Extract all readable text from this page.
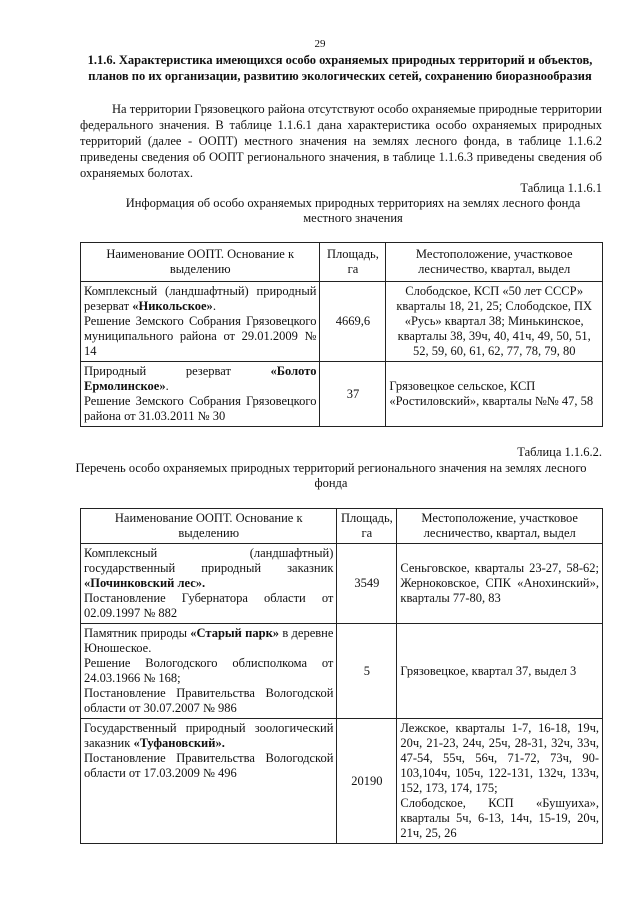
29
1.1.6. Характеристика имеющихся особо охраняемых природных территорий и объектов, планов по их организации, развитию экологических сетей, сохранению биоразнообразия
На территории Грязовецкого района отсутствуют особо охраняемые природные территории федерального значения. В таблице 1.1.6.1 дана характеристика особо охраняемых природных территорий (далее - ООПТ) местного значения на землях лесного фонда, в таблице 1.1.6.2 приведены сведения об ООПТ регионального значения, в таблице 1.1.6.3 приведены сведения об охраняемых болотах.
Таблица 1.1.6.1
Информация об особо охраняемых природных территориях на землях лесного фонда местного значения
Наименование ООПТ. Основание к выделению	Площадь, га	Местоположение, участковое лесничество, квартал, выдел
Комплексный (ландшафтный) природный резерват «Никольское».
Решение Земского Собрания Грязовецкого муниципального района от 29.01.2009 № 14	4669,6	Слободское, КСП «50 лет СССР» кварталы 18, 21, 25; Слободское, ПХ «Русь» квартал 38; Минькинское, кварталы 38, 39ч, 40, 41ч, 49, 50, 51, 52, 59, 60, 61, 62, 77, 78, 79, 80
Природный резерват «Болото Ермолинское».
Решение Земского Собрания Грязовецкого района от 31.03.2011 № 30	37	Грязовецкое сельское, КСП «Ростиловский», кварталы №№ 47, 58
Таблица 1.1.6.2.
Перечень особо охраняемых природных территорий регионального значения на землях лесного фонда
Наименование ООПТ. Основание к выделению	Площадь, га	Местоположение, участковое лесничество, квартал, выдел
Комплексный (ландшафтный) государственный природный заказник «Починковский лес».
Постановление Губернатора области от 02.09.1997 № 882	3549	Сеньговское, кварталы 23-27, 58-62; Жерноковское, СПК «Анохинский», кварталы 77-80, 83
Памятник природы «Старый парк» в деревне Юношеское.
Решение Вологодского облисполкома от 24.03.1966 № 168;
Постановление Правительства Вологодской области от 30.07.2007 № 986	5	Грязовецкое, квартал 37, выдел 3
Государственный природный зоологический заказник «Туфановский».
Постановление Правительства Вологодской области от 17.03.2009 № 496	20190	Лежское, кварталы 1-7, 16-18, 19ч, 20ч, 21-23, 24ч, 25ч, 28-31, 32ч, 33ч, 47-54, 55ч, 56ч, 71-72, 73ч, 90-103,104ч, 105ч, 122-131, 132ч, 133ч, 152, 173, 174, 175;
Слободское, КСП «Бушуиха», кварталы 5ч, 6-13, 14ч, 15-19, 20ч, 21ч, 25, 26
